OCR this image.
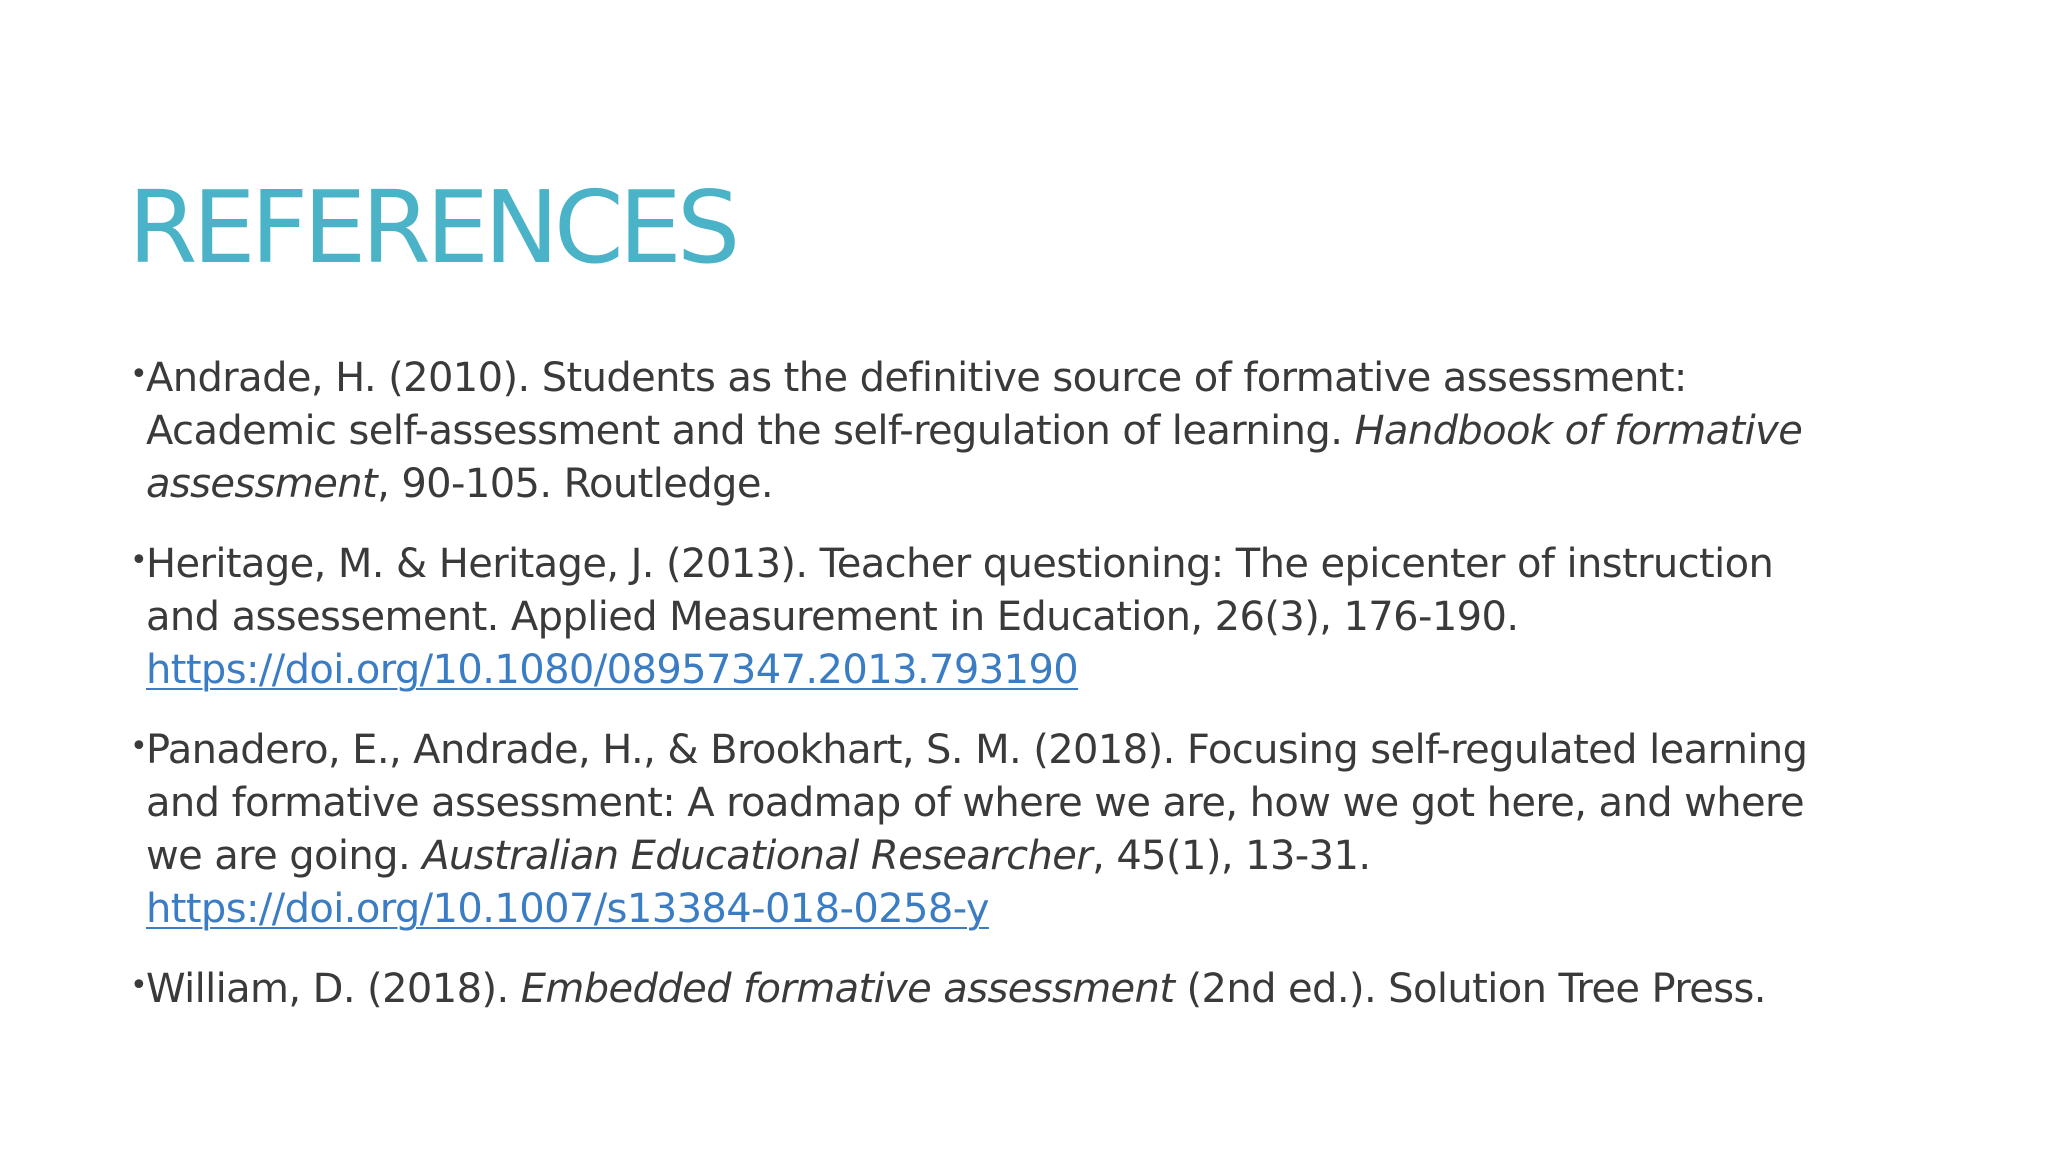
REFERENCES
•
Andrade, H. (2010). Students as the definitive source of formative assessment:
Academic self-assessment and the self-regulation of learning. Handbook of formative
assessment, 90-105. Routledge.
•
Heritage, M. & Heritage, J. (2013). Teacher questioning: The epicenter of instruction
and assessement. Applied Measurement in Education, 26(3), 176-190.
https://doi.org/10.1080/08957347.2013.793190
•
Panadero, E., Andrade, H., & Brookhart, S. M. (2018). Focusing self-regulated learning
and formative assessment: A roadmap of where we are, how we got here, and where
we are going. Australian Educational Researcher, 45(1), 13-31.
https://doi.org/10.1007/s13384-018-0258-y
•
William, D. (2018). Embedded formative assessment (2nd ed.). Solution Tree Press.
